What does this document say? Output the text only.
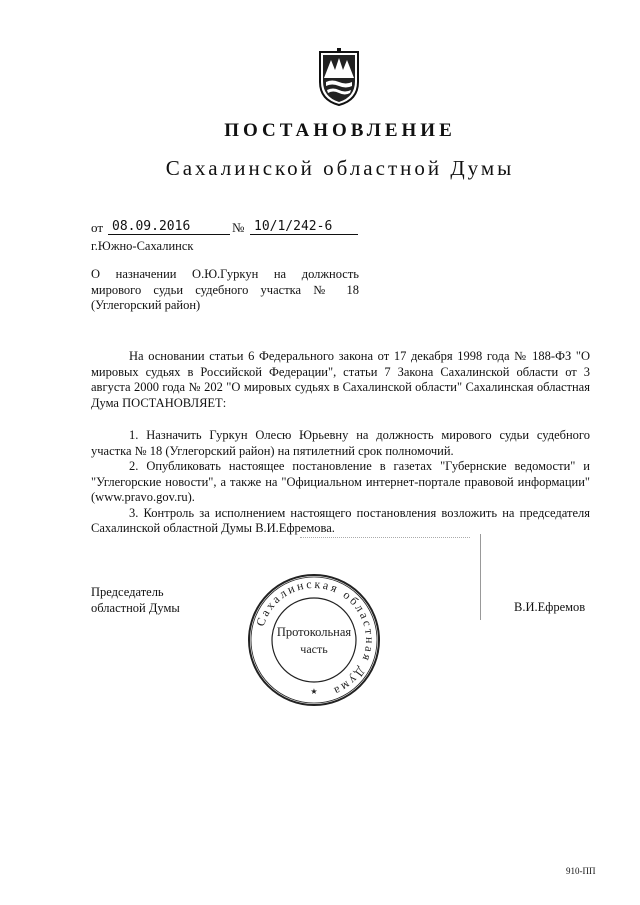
ПОСТАНОВЛЕНИЕ
Сахалинской областной Думы
от 08.09.2016	№ 10/1/242-6
г.Южно-Сахалинск
О назначении О.Ю.Гуркун на должность
мирового судьи судебного участка № 18
(Углегорский район)

На основании статьи 6 Федерального закона от 17 декабря 1998 года № 188-ФЗ "О мировых судьях в Российской Федерации", статьи 7 Закона Сахалинской области от 3 августа 2000 года № 202 "О мировых судьях в Сахалинской области" Сахалинская областная Дума ПОСТАНОВЛЯЕТ:

1. Назначить Гуркун Олесю Юрьевну на должность мирового судьи судебного участка № 18 (Углегорский район) на пятилетний срок полномочий.

2. Опубликовать настоящее постановление в газетах "Губернские ведомости" и "Углегорские новости", а также на "Официальном интернет-портале правовой информации" (www.pravo.gov.ru).

3. Контроль за исполнением настоящего постановления возложить на председателя Сахалинской областной Думы В.И.Ефремова.

Председатель
областной Думы	В.И.Ефремов
Сахалинская областная Дума
Протокольная
часть
★
910-ПП
